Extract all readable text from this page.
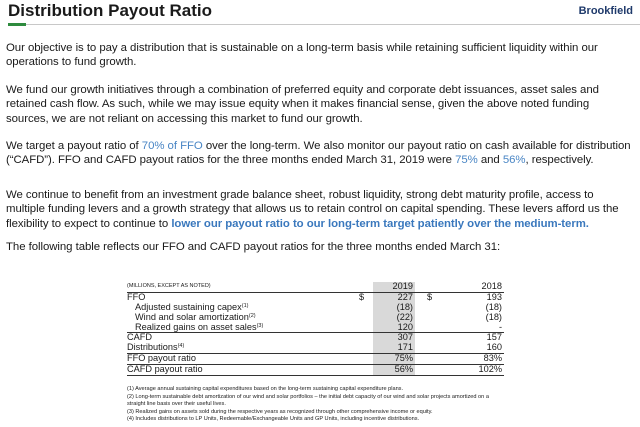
Distribution Payout Ratio	Brookfield

Our objective is to pay a distribution that is sustainable on a long-term basis while retaining sufficient liquidity within our operations to fund growth.

We fund our growth initiatives through a combination of preferred equity and corporate debt issuances, asset sales and retained cash flow. As such, while we may issue equity when it makes financial sense, given the above noted funding sources, we are not reliant on accessing this market to fund our growth.

We target a payout ratio of 70% of FFO over the long-term. We also monitor our payout ratio on cash available for distribution (“CAFD”). FFO and CAFD payout ratios for the three months ended March 31, 2019 were 75% and 56%, respectively.

We continue to benefit from an investment grade balance sheet, robust liquidity, strong debt maturity profile, access to multiple funding levers and a growth strategy that allows us to retain control on capital spending. These levers afford us the flexibility to expect to continue to lower our payout ratio to our long-term target patiently over the medium-term.

The following table reflects our FFO and CAFD payout ratios for the three months ended March 31:

(MILLIONS, EXCEPT AS NOTED)		2019		2018
FFO	$	227	$	193
Adjusted sustaining capex$^{(1)}$		(18)		(18)
Wind and solar amortization$^{(2)}$		(22)		(18)
Realized gains on asset sales$^{(3)}$		120		-
CAFD		307		157
Distributions$^{(4)}$		171		160
FFO payout ratio		75%		83%
CAFD payout ratio		56%		102%
(1) Average annual sustaining capital expenditures based on the long-term sustaining capital expenditure plans.
(2) Long-term sustainable debt amortization of our wind and solar portfolios – the initial debt capacity of our wind and solar projects amortized on a straight line basis over their useful lives.
(3) Realized gains on assets sold during the respective years as recognized through other comprehensive income or equity.
(4) Includes distributions to LP Units, Redeemable/Exchangeable Units and GP Units, including incentive distributions.
